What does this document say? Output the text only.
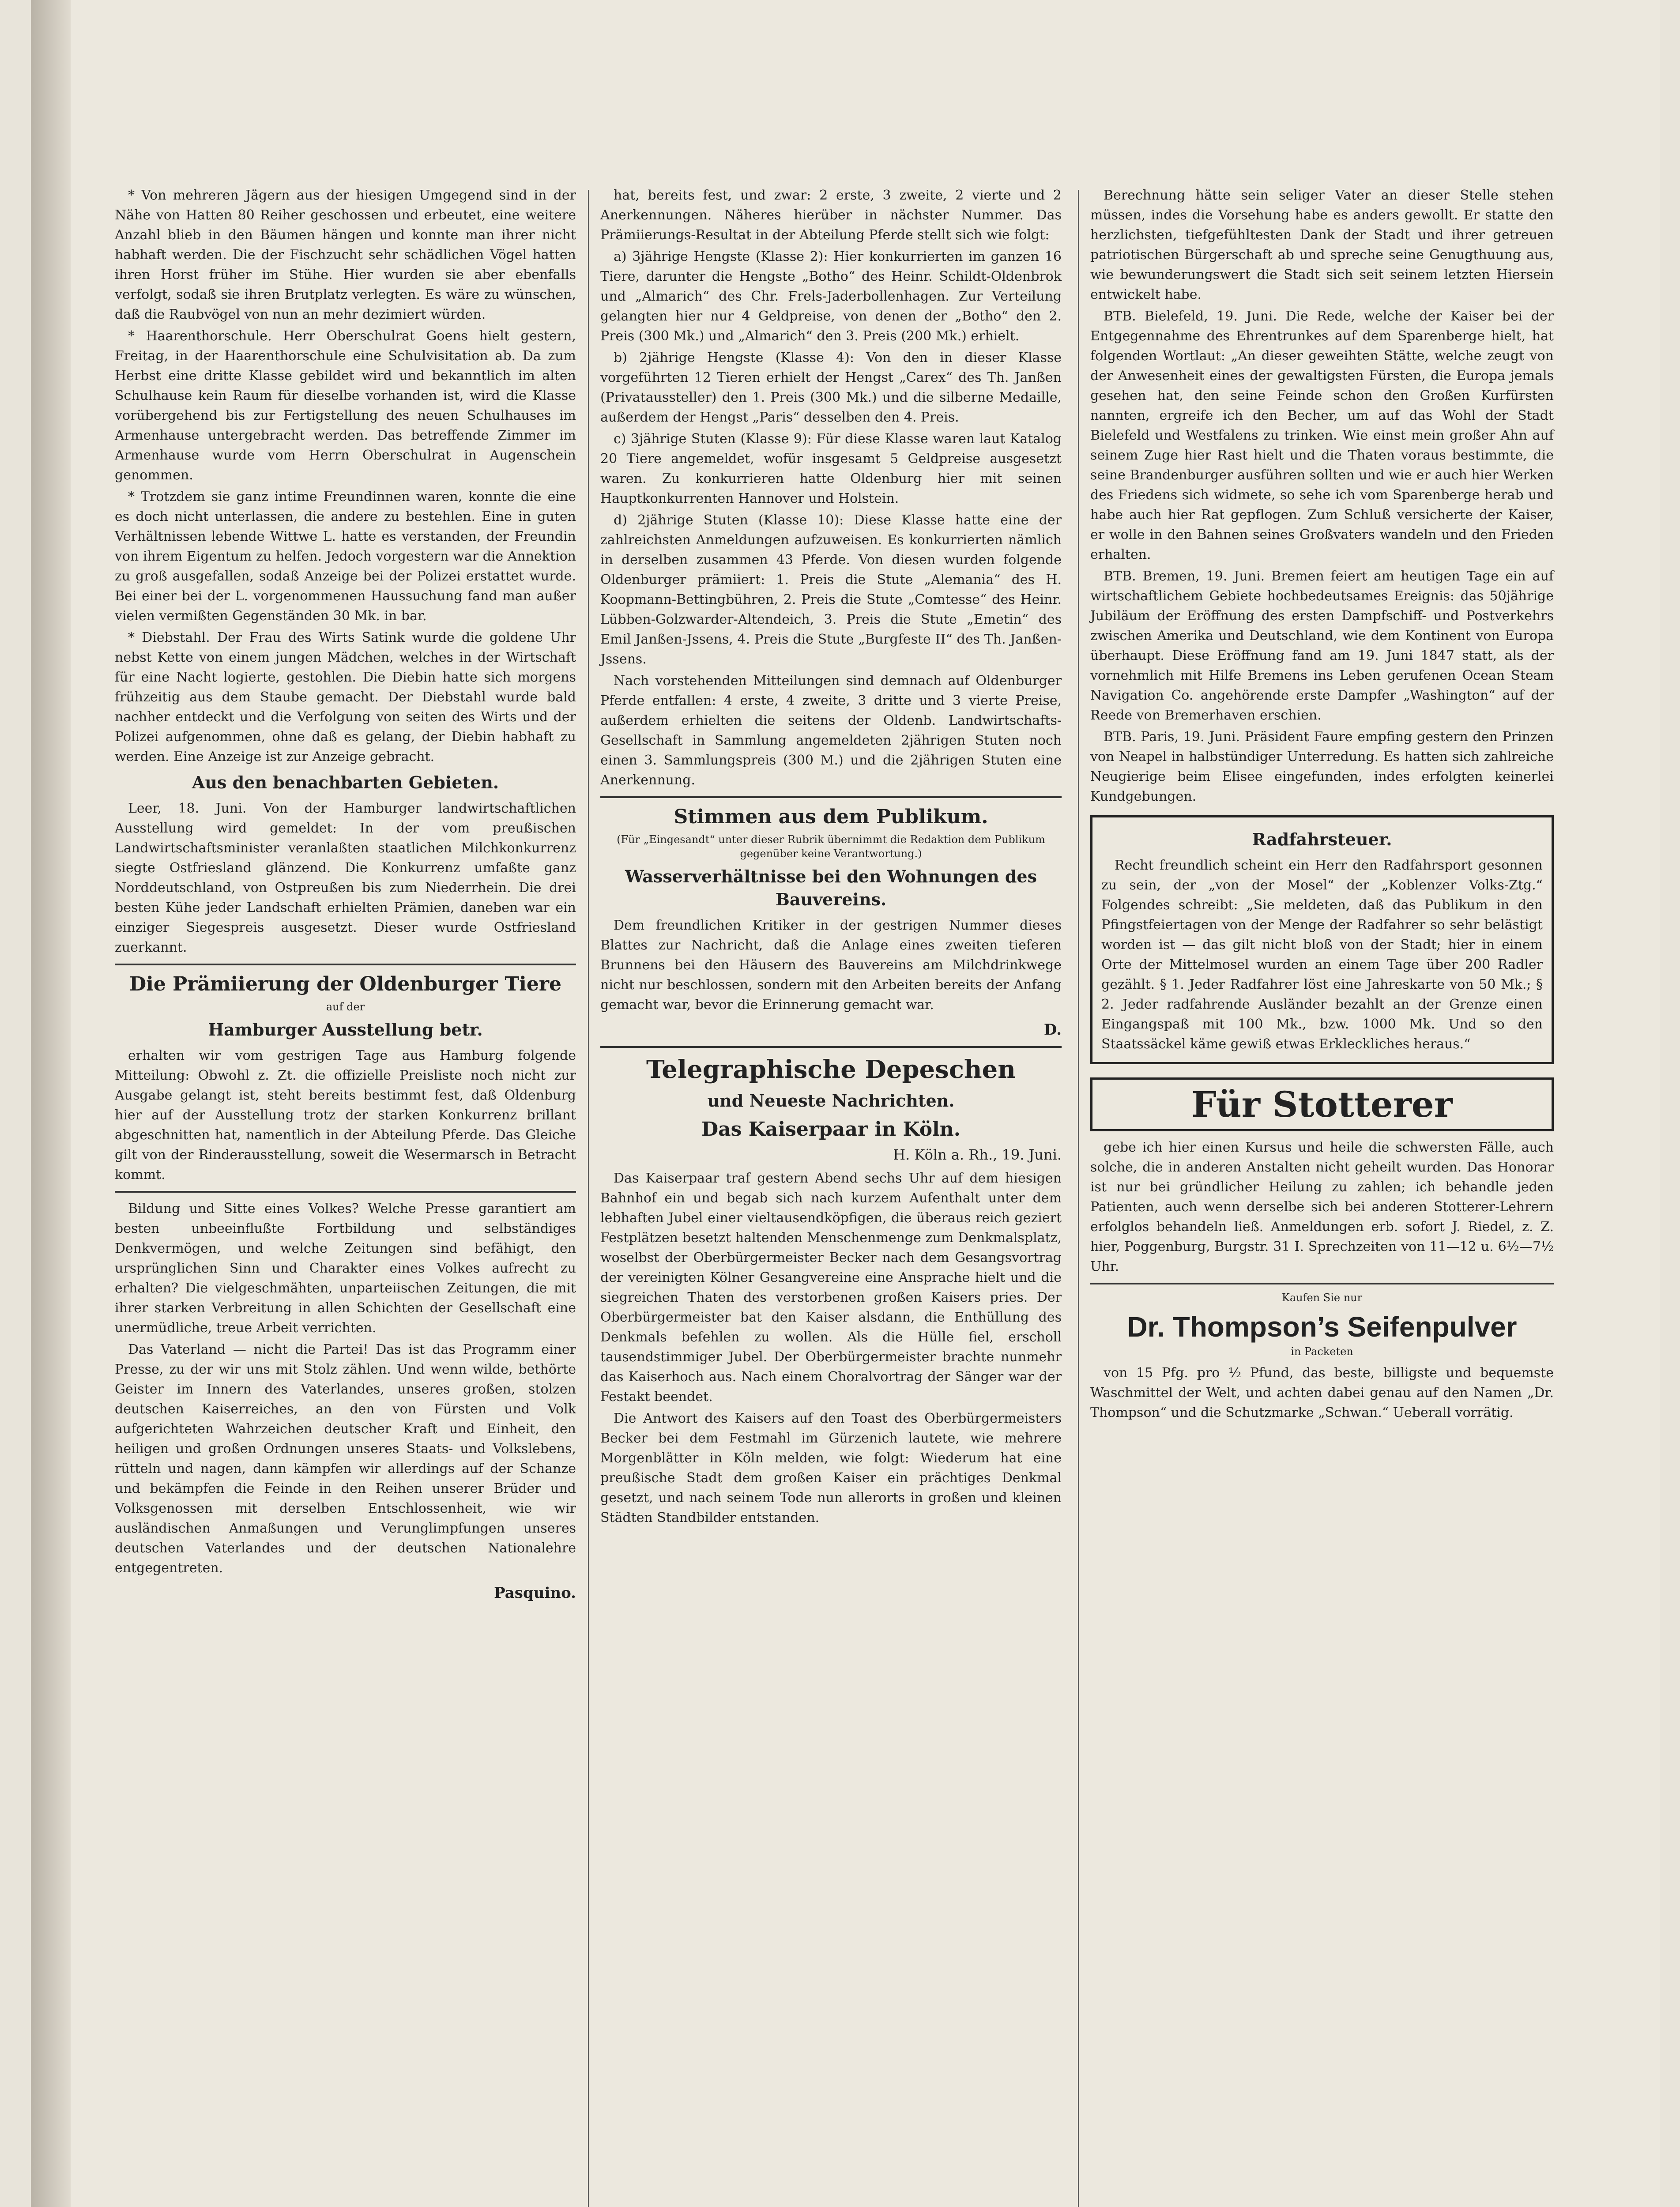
* Von mehreren Jägern aus der hiesigen Umgegend sind in der Nähe von Hatten 80 Reiher geschossen und erbeutet, eine weitere Anzahl blieb in den Bäumen hängen und konnte man ihrer nicht habhaft werden. Die der Fischzucht sehr schädlichen Vögel hatten ihren Horst früher im Stühe. Hier wurden sie aber ebenfalls verfolgt, sodaß sie ihren Brutplatz verlegten. Es wäre zu wünschen, daß die Raubvögel von nun an mehr dezimiert würden.

* Haarenthorschule. Herr Oberschulrat Goens hielt gestern, Freitag, in der Haarenthorschule eine Schulvisitation ab. Da zum Herbst eine dritte Klasse gebildet wird und bekanntlich im alten Schulhause kein Raum für dieselbe vorhanden ist, wird die Klasse vorübergehend bis zur Fertigstellung des neuen Schulhauses im Armenhause untergebracht werden. Das betreffende Zimmer im Armenhause wurde vom Herrn Oberschulrat in Augenschein genommen.

* Trotzdem sie ganz intime Freundinnen waren, konnte die eine es doch nicht unterlassen, die andere zu bestehlen. Eine in guten Verhältnissen lebende Wittwe L. hatte es verstanden, der Freundin von ihrem Eigentum zu helfen. Jedoch vorgestern war die Annektion zu groß ausgefallen, sodaß Anzeige bei der Polizei erstattet wurde. Bei einer bei der L. vorgenommenen Haussuchung fand man außer vielen vermißten Gegenständen 30 Mk. in bar.

* Diebstahl. Der Frau des Wirts Satink wurde die goldene Uhr nebst Kette von einem jungen Mädchen, welches in der Wirtschaft für eine Nacht logierte, gestohlen. Die Diebin hatte sich morgens frühzeitig aus dem Staube gemacht. Der Diebstahl wurde bald nachher entdeckt und die Verfolgung von seiten des Wirts und der Polizei aufgenommen, ohne daß es gelang, der Diebin habhaft zu werden. Eine Anzeige ist zur Anzeige gebracht.

Aus den benachbarten Gebieten.

Leer, 18. Juni. Von der Hamburger landwirtschaftlichen Ausstellung wird gemeldet: In der vom preußischen Landwirtschaftsminister veranlaßten staatlichen Milchkonkurrenz siegte Ostfriesland glänzend. Die Konkurrenz umfaßte ganz Norddeutschland, von Ostpreußen bis zum Niederrhein. Die drei besten Kühe jeder Landschaft erhielten Prämien, daneben war ein einziger Siegespreis ausgesetzt. Dieser wurde Ostfriesland zuerkannt.

Die Prämiierung der Oldenburger Tiere
auf der
Hamburger Ausstellung betr.

erhalten wir vom gestrigen Tage aus Hamburg folgende Mitteilung: Obwohl z. Zt. die offizielle Preisliste noch nicht zur Ausgabe gelangt ist, steht bereits bestimmt fest, daß Oldenburg hier auf der Ausstellung trotz der starken Konkurrenz brillant abgeschnitten hat, namentlich in der Abteilung Pferde. Das Gleiche gilt von der Rinderausstellung, soweit die Wesermarsch in Betracht kommt.

Bildung und Sitte eines Volkes? Welche Presse garantiert am besten unbeeinflußte Fortbildung und selbständiges Denkvermögen, und welche Zeitungen sind befähigt, den ursprünglichen Sinn und Charakter eines Volkes aufrecht zu erhalten? Die vielgeschmähten, unparteiischen Zeitungen, die mit ihrer starken Verbreitung in allen Schichten der Gesellschaft eine unermüdliche, treue Arbeit verrichten.

Das Vaterland — nicht die Partei! Das ist das Programm einer Presse, zu der wir uns mit Stolz zählen. Und wenn wilde, bethörte Geister im Innern des Vaterlandes, unseres großen, stolzen deutschen Kaiserreiches, an den von Fürsten und Volk aufgerichteten Wahrzeichen deutscher Kraft und Einheit, den heiligen und großen Ordnungen unseres Staats- und Volkslebens, rütteln und nagen, dann kämpfen wir allerdings auf der Schanze und bekämpfen die Feinde in den Reihen unserer Brüder und Volksgenossen mit derselben Entschlossenheit, wie wir ausländischen Anmaßungen und Verunglimpfungen unseres deutschen Vaterlandes und der deutschen Nationalehre entgegentreten.

Pasquino.

hat, bereits fest, und zwar: 2 erste, 3 zweite, 2 vierte und 2 Anerkennungen. Näheres hierüber in nächster Nummer. Das Prämiierungs-Resultat in der Abteilung Pferde stellt sich wie folgt:

a) 3jährige Hengste (Klasse 2): Hier konkurrierten im ganzen 16 Tiere, darunter die Hengste „Botho“ des Heinr. Schildt-Oldenbrok und „Almarich“ des Chr. Frels-Jaderbollenhagen. Zur Verteilung gelangten hier nur 4 Geldpreise, von denen der „Botho“ den 2. Preis (300 Mk.) und „Almarich“ den 3. Preis (200 Mk.) erhielt.

b) 2jährige Hengste (Klasse 4): Von den in dieser Klasse vorgeführten 12 Tieren erhielt der Hengst „Carex“ des Th. Janßen (Privataussteller) den 1. Preis (300 Mk.) und die silberne Medaille, außerdem der Hengst „Paris“ desselben den 4. Preis.

c) 3jährige Stuten (Klasse 9): Für diese Klasse waren laut Katalog 20 Tiere angemeldet, wofür insgesamt 5 Geldpreise ausgesetzt waren. Zu konkurrieren hatte Oldenburg hier mit seinen Hauptkonkurrenten Hannover und Holstein.

d) 2jährige Stuten (Klasse 10): Diese Klasse hatte eine der zahlreichsten Anmeldungen aufzuweisen. Es konkurrierten nämlich in derselben zusammen 43 Pferde. Von diesen wurden folgende Oldenburger prämiiert: 1. Preis die Stute „Alemania“ des H. Koopmann-Bettingbühren, 2. Preis die Stute „Comtesse“ des Heinr. Lübben-Golzwarder-Altendeich, 3. Preis die Stute „Emetin“ des Emil Janßen-Jssens, 4. Preis die Stute „Burgfeste II“ des Th. Janßen-Jssens.

Nach vorstehenden Mitteilungen sind demnach auf Oldenburger Pferde entfallen: 4 erste, 4 zweite, 3 dritte und 3 vierte Preise, außerdem erhielten die seitens der Oldenb. Landwirtschafts-Gesellschaft in Sammlung angemeldeten 2jährigen Stuten noch einen 3. Sammlungspreis (300 M.) und die 2jährigen Stuten eine Anerkennung.

Stimmen aus dem Publikum.
(Für „Eingesandt“ unter dieser Rubrik übernimmt die Redaktion dem Publikum gegenüber keine Verantwortung.)
Wasserverhältnisse bei den Wohnungen des Bauvereins.

Dem freundlichen Kritiker in der gestrigen Nummer dieses Blattes zur Nachricht, daß die Anlage eines zweiten tieferen Brunnens bei den Häusern des Bauvereins am Milchdrinkwege nicht nur beschlossen, sondern mit den Arbeiten bereits der Anfang gemacht war, bevor die Erinnerung gemacht war.

D.
Telegraphische Depeschen
und Neueste Nachrichten.
Das Kaiserpaar in Köln.
H. Köln a. Rh., 19. Juni.

Das Kaiserpaar traf gestern Abend sechs Uhr auf dem hiesigen Bahnhof ein und begab sich nach kurzem Aufenthalt unter dem lebhaften Jubel einer vieltausendköpfigen, die überaus reich geziert Festplätzen besetzt haltenden Menschenmenge zum Denkmalsplatz, woselbst der Oberbürgermeister Becker nach dem Gesangsvortrag der vereinigten Kölner Gesangvereine eine Ansprache hielt und die siegreichen Thaten des verstorbenen großen Kaisers pries. Der Oberbürgermeister bat den Kaiser alsdann, die Enthüllung des Denkmals befehlen zu wollen. Als die Hülle fiel, erscholl tausendstimmiger Jubel. Der Oberbürgermeister brachte nunmehr das Kaiserhoch aus. Nach einem Choralvortrag der Sänger war der Festakt beendet.

Die Antwort des Kaisers auf den Toast des Oberbürgermeisters Becker bei dem Festmahl im Gürzenich lautete, wie mehrere Morgenblätter in Köln melden, wie folgt: Wiederum hat eine preußische Stadt dem großen Kaiser ein prächtiges Denkmal gesetzt, und nach seinem Tode nun allerorts in großen und kleinen Städten Standbilder entstanden.

Berechnung hätte sein seliger Vater an dieser Stelle stehen müssen, indes die Vorsehung habe es anders gewollt. Er statte den herzlichsten, tiefgefühltesten Dank der Stadt und ihrer getreuen patriotischen Bürgerschaft ab und spreche seine Genugthuung aus, wie bewunderungswert die Stadt sich seit seinem letzten Hiersein entwickelt habe.

BTB. Bielefeld, 19. Juni. Die Rede, welche der Kaiser bei der Entgegennahme des Ehrentrunkes auf dem Sparenberge hielt, hat folgenden Wortlaut: „An dieser geweihten Stätte, welche zeugt von der Anwesenheit eines der gewaltigsten Fürsten, die Europa jemals gesehen hat, den seine Feinde schon den Großen Kurfürsten nannten, ergreife ich den Becher, um auf das Wohl der Stadt Bielefeld und Westfalens zu trinken. Wie einst mein großer Ahn auf seinem Zuge hier Rast hielt und die Thaten voraus bestimmte, die seine Brandenburger ausführen sollten und wie er auch hier Werken des Friedens sich widmete, so sehe ich vom Sparenberge herab und habe auch hier Rat gepflogen. Zum Schluß versicherte der Kaiser, er wolle in den Bahnen seines Großvaters wandeln und den Frieden erhalten.

BTB. Bremen, 19. Juni. Bremen feiert am heutigen Tage ein auf wirtschaftlichem Gebiete hochbedeutsames Ereignis: das 50jährige Jubiläum der Eröffnung des ersten Dampfschiff- und Postverkehrs zwischen Amerika und Deutschland, wie dem Kontinent von Europa überhaupt. Diese Eröffnung fand am 19. Juni 1847 statt, als der vornehmlich mit Hilfe Bremens ins Leben gerufenen Ocean Steam Navigation Co. angehörende erste Dampfer „Washington“ auf der Reede von Bremerhaven erschien.

BTB. Paris, 19. Juni. Präsident Faure empfing gestern den Prinzen von Neapel in halbstündiger Unterredung. Es hatten sich zahlreiche Neugierige beim Elisee eingefunden, indes erfolgten keinerlei Kundgebungen.

Radfahrsteuer.

Recht freundlich scheint ein Herr den Radfahrsport gesonnen zu sein, der „von der Mosel“ der „Koblenzer Volks-Ztg.“ Folgendes schreibt: „Sie meldeten, daß das Publikum in den Pfingstfeiertagen von der Menge der Radfahrer so sehr belästigt worden ist — das gilt nicht bloß von der Stadt; hier in einem Orte der Mittelmosel wurden an einem Tage über 200 Radler gezählt. § 1. Jeder Radfahrer löst eine Jahreskarte von 50 Mk.; § 2. Jeder radfahrende Ausländer bezahlt an der Grenze einen Eingangspaß mit 100 Mk., bzw. 1000 Mk. Und so den Staatssäckel käme gewiß etwas Erkleckliches heraus.“

Für Stotterer

gebe ich hier einen Kursus und heile die schwersten Fälle, auch solche, die in anderen Anstalten nicht geheilt wurden. Das Honorar ist nur bei gründlicher Heilung zu zahlen; ich behandle jeden Patienten, auch wenn derselbe sich bei anderen Stotterer-Lehrern erfolglos behandeln ließ. Anmeldungen erb. sofort J. Riedel, z. Z. hier, Poggenburg, Burgstr. 31 I. Sprechzeiten von 11—12 u. 6½—7½ Uhr.

Kaufen Sie nur
Dr. Thompson’s Seifenpulver
in Packeten

von 15 Pfg. pro ½ Pfund, das beste, billigste und bequemste Waschmittel der Welt, und achten dabei genau auf den Namen „Dr. Thompson“ und die Schutzmarke „Schwan.“ Ueberall vorrätig.
